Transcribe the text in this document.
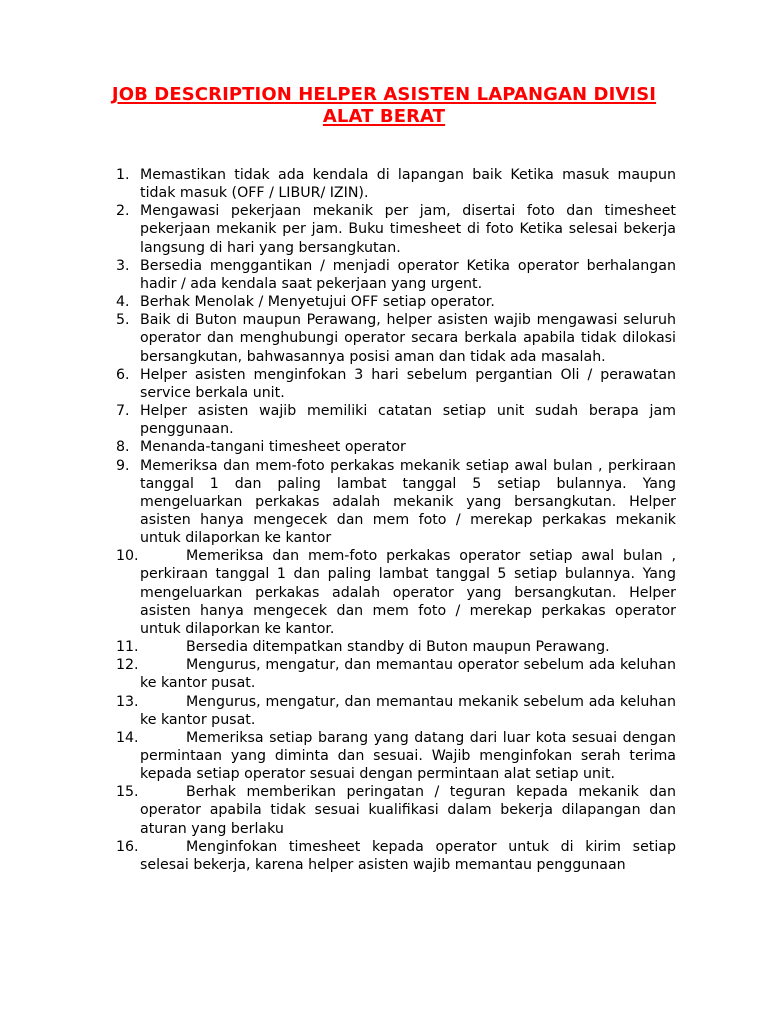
JOB DESCRIPTION HELPER ASISTEN LAPANGAN DIVISI
ALAT BERAT
1. Memastikan tidak ada kendala di lapangan baik Ketika masuk maupun tidak masuk (OFF / LIBUR/ IZIN).
2. Mengawasi pekerjaan mekanik per jam, disertai foto dan timesheet pekerjaan mekanik per jam. Buku timesheet di foto Ketika selesai bekerja langsung di hari yang bersangkutan.
3. Bersedia menggantikan / menjadi operator Ketika operator berhalangan hadir / ada kendala saat pekerjaan yang urgent.
4. Berhak Menolak / Menyetujui OFF setiap operator.
5. Baik di Buton maupun Perawang, helper asisten wajib mengawasi seluruh operator dan menghubungi operator secara berkala apabila tidak dilokasi bersangkutan, bahwasannya posisi aman dan tidak ada masalah.
6. Helper asisten menginfokan 3 hari sebelum pergantian Oli / perawatan service berkala unit.
7. Helper asisten wajib memiliki catatan setiap unit sudah berapa jam penggunaan.
8. Menanda-tangani timesheet operator
9. Memeriksa dan mem-foto perkakas mekanik setiap awal bulan , perkiraan tanggal 1 dan paling lambat tanggal 5 setiap bulannya. Yang mengeluarkan perkakas adalah mekanik yang bersangkutan. Helper asisten hanya mengecek dan mem foto / merekap perkakas mekanik untuk dilaporkan ke kantor
10.	Memeriksa dan mem-foto perkakas operator setiap awal bulan , perkiraan tanggal 1 dan paling lambat tanggal 5 setiap bulannya. Yang mengeluarkan perkakas adalah operator yang bersangkutan. Helper asisten hanya mengecek dan mem foto / merekap perkakas operator untuk dilaporkan ke kantor.
11.	Bersedia ditempatkan standby di Buton maupun Perawang.
12.	Mengurus, mengatur, dan memantau operator sebelum ada keluhan ke kantor pusat.
13.	Mengurus, mengatur, dan memantau mekanik sebelum ada keluhan ke kantor pusat.
14.	Memeriksa setiap barang yang datang dari luar kota sesuai dengan permintaan yang diminta dan sesuai. Wajib menginfokan serah terima kepada setiap operator sesuai dengan permintaan alat setiap unit.
15.	Berhak memberikan peringatan / teguran kepada mekanik dan operator apabila tidak sesuai kualifikasi dalam bekerja dilapangan dan aturan yang berlaku
16.	Menginfokan timesheet kepada operator untuk di kirim setiap selesai bekerja, karena helper asisten wajib memantau penggunaan
